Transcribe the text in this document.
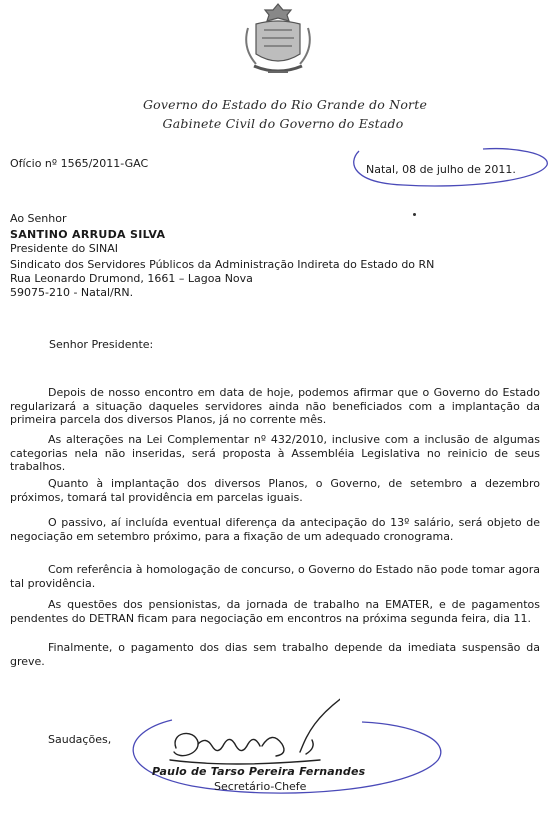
Governo do Estado do Rio Grande do Norte
Gabinete Civil do Governo do Estado
Ofício nº 1565/2011-GAC	Natal, 08 de julho de 2011.
Ao Senhor
SANTINO ARRUDA SILVA
Presidente do SINAI
Sindicato dos Servidores Públicos da Administração Indireta do Estado do RN
Rua Leonardo Drumond, 1661 – Lagoa Nova
59075-210 - Natal/RN.
Senhor Presidente:
Depois de nosso encontro em data de hoje, podemos afirmar que o Governo do Estado regularizará a situação daqueles servidores ainda não beneficiados com a implantação da primeira parcela dos diversos Planos, já no corrente mês.
As alterações na Lei Complementar nº 432/2010, inclusive com a inclusão de algumas categorias nela não inseridas, será proposta à Assembléia Legislativa no reinicio de seus trabalhos.
Quanto à implantação dos diversos Planos, o Governo, de setembro a dezembro próximos, tomará tal providência em parcelas iguais.
O passivo, aí incluída eventual diferença da antecipação do 13º salário, será objeto de negociação em setembro próximo, para a fixação de um adequado cronograma.
Com referência à homologação de concurso, o Governo do Estado não pode tomar agora tal providência.
As questões dos pensionistas, da jornada de trabalho na EMATER, e de pagamentos pendentes do DETRAN ficam para negociação em encontros na próxima segunda feira, dia 11.
Finalmente, o pagamento dos dias sem trabalho depende da imediata suspensão da greve.
Saudações,
Paulo de Tarso Pereira Fernandes
Secretário-Chefe
